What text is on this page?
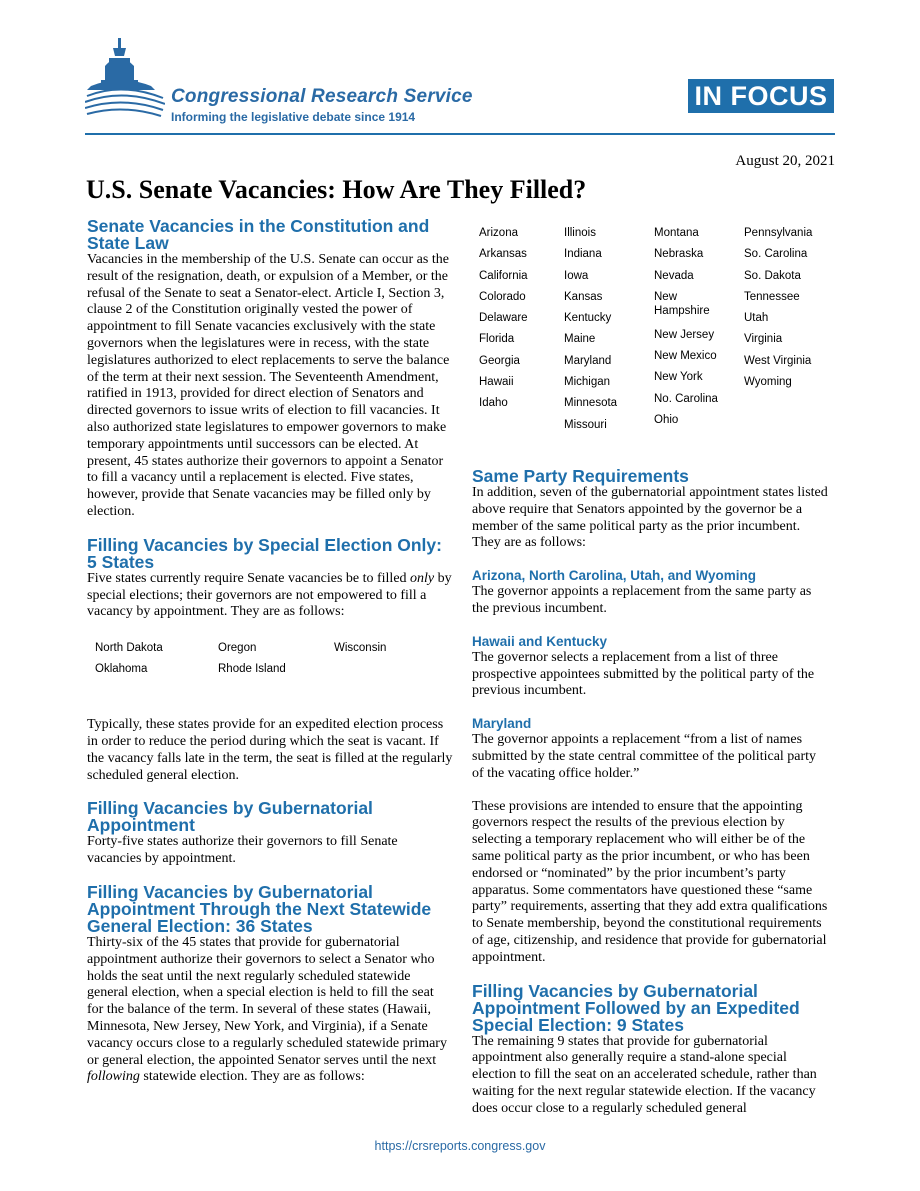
Congressional Research Service
Informing the legislative debate since 1914
IN FOCUS
August 20, 2021
U.S. Senate Vacancies: How Are They Filled?
Senate Vacancies in the Constitution and State Law

Vacancies in the membership of the U.S. Senate can occur as the result of the resignation, death, or expulsion of a Member, or the refusal of the Senate to seat a Senator-elect. Article I, Section 3, clause 2 of the Constitution originally vested the power of appointment to fill Senate vacancies exclusively with the state governors when the legislatures were in recess, with the state legislatures authorized to elect replacements to serve the balance of the term at their next session. The Seventeenth Amendment, ratified in 1913, provided for direct election of Senators and directed governors to issue writs of election to fill vacancies. It also authorized state legislatures to empower governors to make temporary appointments until successors can be elected. At present, 45 states authorize their governors to appoint a Senator to fill a vacancy until a replacement is elected. Five states, however, provide that Senate vacancies may be filled only by election.

Filling Vacancies by Special Election Only: 5 States

Five states currently require Senate vacancies be to filled only by special elections; their governors are not empowered to fill a vacancy by appointment. They are as follows:

North Dakota
Oklahoma
Oregon
Rhode Island
Wisconsin

Typically, these states provide for an expedited election process in order to reduce the period during which the seat is vacant. If the vacancy falls late in the term, the seat is filled at the regularly scheduled general election.

Filling Vacancies by Gubernatorial Appointment

Forty-five states authorize their governors to fill Senate vacancies by appointment.

Filling Vacancies by Gubernatorial Appointment Through the Next Statewide General Election: 36 States

Thirty-six of the 45 states that provide for gubernatorial appointment authorize their governors to select a Senator who holds the seat until the next regularly scheduled statewide general election, when a special election is held to fill the seat for the balance of the term. In several of these states (Hawaii, Minnesota, New Jersey, New York, and Virginia), if a Senate vacancy occurs close to a regularly scheduled statewide primary or general election, the appointed Senator serves until the next following statewide election. They are as follows:

Arizona
Arkansas
California
Colorado
Delaware
Florida
Georgia
Hawaii
Idaho
Illinois
Indiana
Iowa
Kansas
Kentucky
Maine
Maryland
Michigan
Minnesota
Missouri
Montana
Nebraska
Nevada
New Hampshire
New Jersey
New Mexico
New York
No. Carolina
Ohio
Pennsylvania
So. Carolina
So. Dakota
Tennessee
Utah
Virginia
West Virginia
Wyoming
Same Party Requirements

In addition, seven of the gubernatorial appointment states listed above require that Senators appointed by the governor be a member of the same political party as the prior incumbent. They are as follows:

Arizona, North Carolina, Utah, and Wyoming

The governor appoints a replacement from the same party as the previous incumbent.

Hawaii and Kentucky

The governor selects a replacement from a list of three prospective appointees submitted by the political party of the previous incumbent.

Maryland

The governor appoints a replacement “from a list of names submitted by the state central committee of the political party of the vacating office holder.”

These provisions are intended to ensure that the appointing governors respect the results of the previous election by selecting a temporary replacement who will either be of the same political party as the prior incumbent, or who has been endorsed or “nominated” by the prior incumbent’s party apparatus. Some commentators have questioned these “same party” requirements, asserting that they add extra qualifications to Senate membership, beyond the constitutional requirements of age, citizenship, and residence that provide for gubernatorial appointment.

Filling Vacancies by Gubernatorial Appointment Followed by an Expedited Special Election: 9 States

The remaining 9 states that provide for gubernatorial appointment also generally require a stand-alone special election to fill the seat on an accelerated schedule, rather than waiting for the next regular statewide election. If the vacancy does occur close to a regularly scheduled general

https://crsreports.congress.gov
